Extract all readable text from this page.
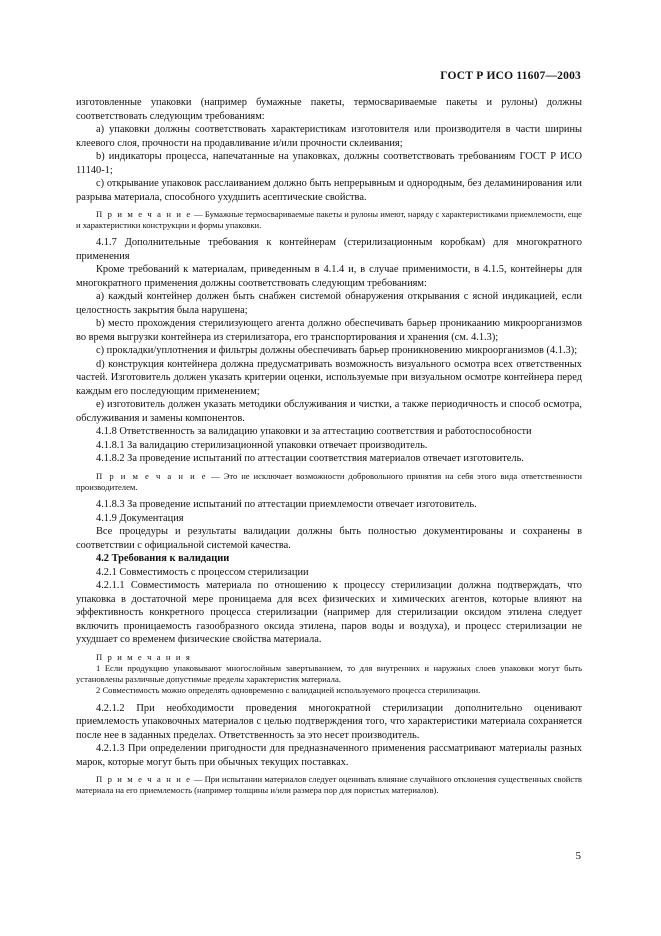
ГОСТ Р ИСО 11607—2003

изготовленные упаковки (например бумажные пакеты, термосвариваемые пакеты и рулоны) должны соответствовать следующим требованиям:

а) упаковки должны соответствовать характеристикам изготовителя или производителя в части ширины клеевого слоя, прочности на продавливание и/или прочности склеивания;

b) индикаторы процесса, напечатанные на упаковках, должны соответствовать требованиям ГОСТ Р ИСО 11140-1;

c) открывание упаковок расслаиванием должно быть непрерывным и однородным, без деламинирования или разрыва материала, способного ухудшить асептические свойства.

П р и м е ч а н и е — Бумажные термосвариваемые пакеты и рулоны имеют, наряду с характеристиками приемлемости, еще и характеристики конструкции и формы упаковки.

4.1.7 Дополнительные требования к контейнерам (стерилизационным коробкам) для многократного применения

Кроме требований к материалам, приведенным в 4.1.4 и, в случае применимости, в 4.1.5, контейнеры для многократного применения должны соответствовать следующим требованиям:

а) каждый контейнер должен быть снабжен системой обнаружения открывания с ясной индикацией, если целостность закрытия была нарушена;

b) место прохождения стерилизующего агента должно обеспечивать барьер проникаанию микроорганизмов во время выгрузки контейнера из стерилизатора, его транспортирования и хранения (см. 4.1.3);

c) прокладки/уплотнения и фильтры должны обеспечивать барьер проникновению микроорганизмов (4.1.3);

d) конструкция контейнера должна предусматривать возможность визуального осмотра всех ответственных частей. Изготовитель должен указать критерии оценки, используемые при визуальном осмотре контейнера перед каждым его последующим применением;

e) изготовитель должен указать методики обслуживания и чистки, а также периодичность и способ осмотра, обслуживания и замены компонентов.

4.1.8 Ответственность за валидацию упаковки и за аттестацию соответствия и работоспособности

4.1.8.1 За валидацию стерилизационной упаковки отвечает производитель.

4.1.8.2 За проведение испытаний по аттестации соответствия материалов отвечает изготовитель.

П р и м е ч а н и е — Это не исключает возможности добровольного принятия на себя этого вида ответственности производителем.

4.1.8.3 За проведение испытаний по аттестации приемлемости отвечает изготовитель.

4.1.9 Документация

Все процедуры и результаты валидации должны быть полностью документированы и сохранены в соответствии с официальной системой качества.

4.2 Требования к валидации

4.2.1 Совместимость с процессом стерилизации

4.2.1.1 Совместимость материала по отношению к процессу стерилизации должна подтверждать, что упаковка в достаточной мере проницаема для всех физических и химических агентов, которые влияют на эффективность конкретного процесса стерилизации (например для стерилизации оксидом этилена следует включить проницаемость газообразного оксида этилена, паров воды и воздуха), и процесс стерилизации не ухудшает со временем физические свойства материала.

П р и м е ч а н и я

1 Если продукцию упаковывают многослойным завертыванием, то для внутренних и наружных слоев упаковки могут быть установлены различные допустимые пределы характеристик материала.

2 Совместимость можно определять одновременно с валидацией используемого процесса стерилизации.

4.2.1.2 При необходимости проведения многократной стерилизации дополнительно оценивают приемлемость упаковочных материалов с целью подтверждения того, что характеристики материала сохраняется после нее в заданных пределах. Ответственность за это несет производитель.

4.2.1.3 При определении пригодности для предназначенного применения рассматривают материалы разных марок, которые могут быть при обычных текущих поставках.

П р и м е ч а н и е — При испытании материалов следует оценивать влияние случайного отклонения существенных свойств материала на его приемлемость (например толщины и/или размера пор для пористых материалов).

5
